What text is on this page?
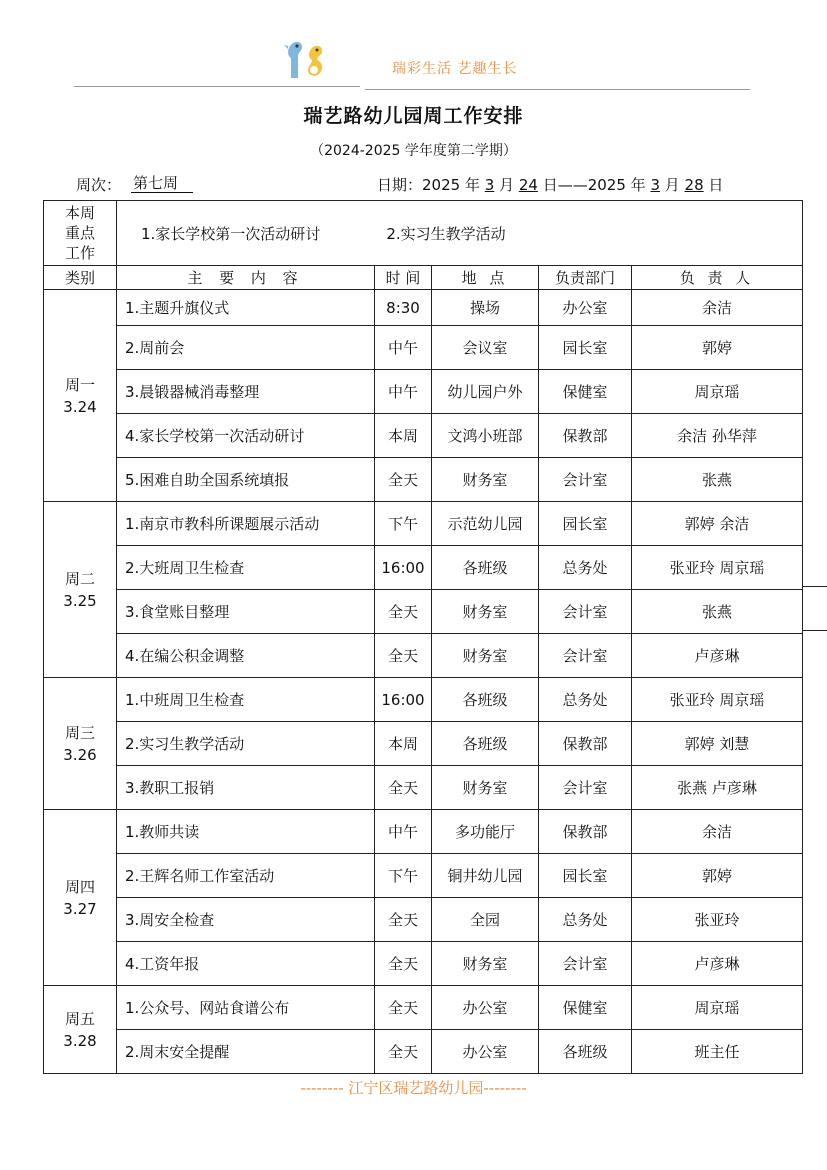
瑞彩生活 艺趣生长
瑞艺路幼儿园周工作安排
（2024-2025 学年度第二学期）
周次： 第七周	日期：2025 年 3 月 24 日——2025 年 3 月 28 日
本周
重点
工作	1.家长学校第一次活动研讨 2.实习生教学活动				
类别	主 要 内 容	时 间	地 点	负责部门	负 责 人

周一
3.24	1.主题升旗仪式	8:30	操场	办公室	余洁
	2.周前会	中午	会议室	园长室	郭婷
	3.晨锻器械消毒整理	中午	幼儿园户外	保健室	周京瑶
	4.家长学校第一次活动研讨	本周	文鸿小班部	保教部	余洁 孙华萍
	5.困难自助全国系统填报	全天	财务室	会计室	张燕

周二
3.25	1.南京市教科所课题展示活动	下午	示范幼儿园	园长室	郭婷 余洁
	2.大班周卫生检查	16:00	各班级	总务处	张亚玲 周京瑶
	3.食堂账目整理	全天	财务室	会计室	张燕
	4.在编公积金调整	全天	财务室	会计室	卢彦琳

周三
3.26	1.中班周卫生检查	16:00	各班级	总务处	张亚玲 周京瑶
	2.实习生教学活动	本周	各班级	保教部	郭婷 刘慧
	3.教职工报销	全天	财务室	会计室	张燕 卢彦琳

周四
3.27	1.教师共读	中午	多功能厅	保教部	余洁
	2.王辉名师工作室活动	下午	铜井幼儿园	园长室	郭婷
	3.周安全检查	全天	全园	总务处	张亚玲
	4.工资年报	全天	财务室	会计室	卢彦琳

周五
3.28	1.公众号、网站食谱公布	全天	办公室	保健室	周京瑶
	2.周末安全提醒	全天	办公室	各班级	班主任
-------- 江宁区瑞艺路幼儿园--------
